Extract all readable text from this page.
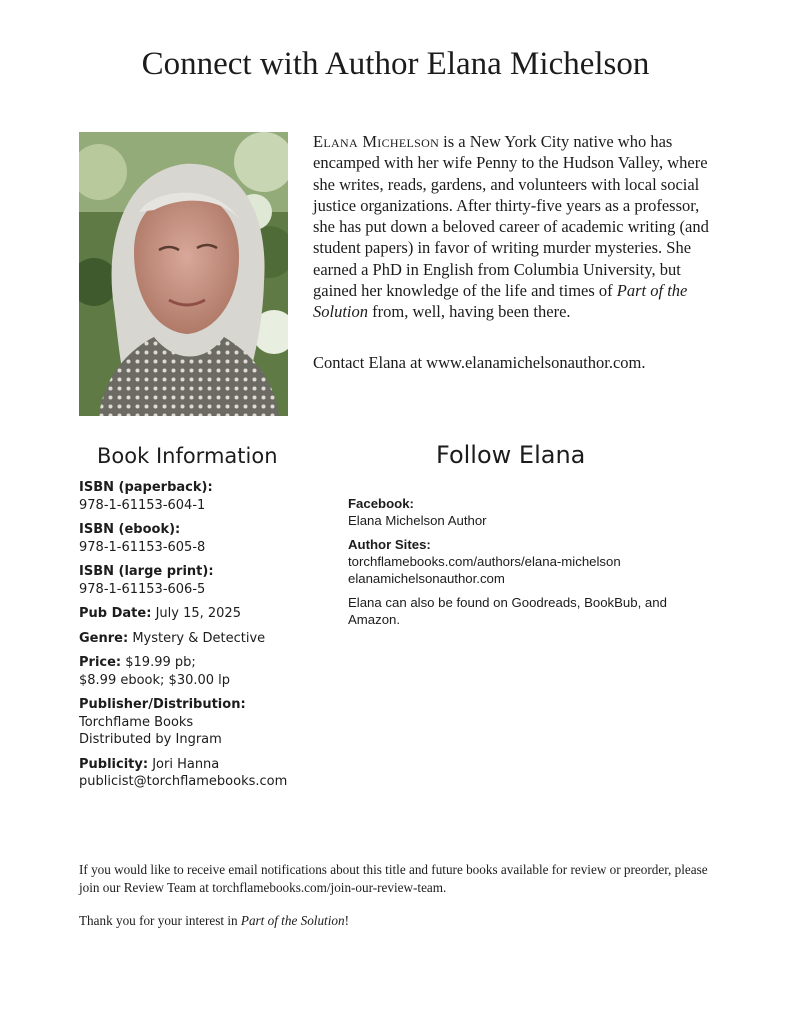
Connect with Author Elana Michelson

Elana Michelson is a New York City native who has encamped with her wife Penny to the Hudson Valley, where she writes, reads, gardens, and volunteers with local social justice organizations. After thirty-five years as a professor, she has put down a beloved career of academic writing (and student papers) in favor of writing murder mysteries. She earned a PhD in English from Columbia University, but gained her knowledge of the life and times of Part of the Solution from, well, having been there.

Contact Elana at www.elanamichelsonauthor.com.

Book Information	Follow Elana
ISBN (paperback):
978-1-61153-604-1
ISBN (ebook):
978-1-61153-605-8
ISBN (large print):
978-1-61153-606-5
Pub Date: July 15, 2025
Genre: Mystery & Detective
Price: $19.99 pb;
$8.99 ebook; $30.00 lp
Publisher/Distribution:
Torchflame Books
Distributed by Ingram
Publicity: Jori Hanna
publicist@torchflamebooks.com
Facebook:
Elana Michelson Author
Author Sites:
torchflamebooks.com/authors/elana-michelson
elanamichelsonauthor.com
Elana can also be found on Goodreads, BookBub, and Amazon.

If you would like to receive email notifications about this title and future books available for review or preorder, please join our Review Team at torchflamebooks.com/join-our-review-team.

Thank you for your interest in Part of the Solution!
